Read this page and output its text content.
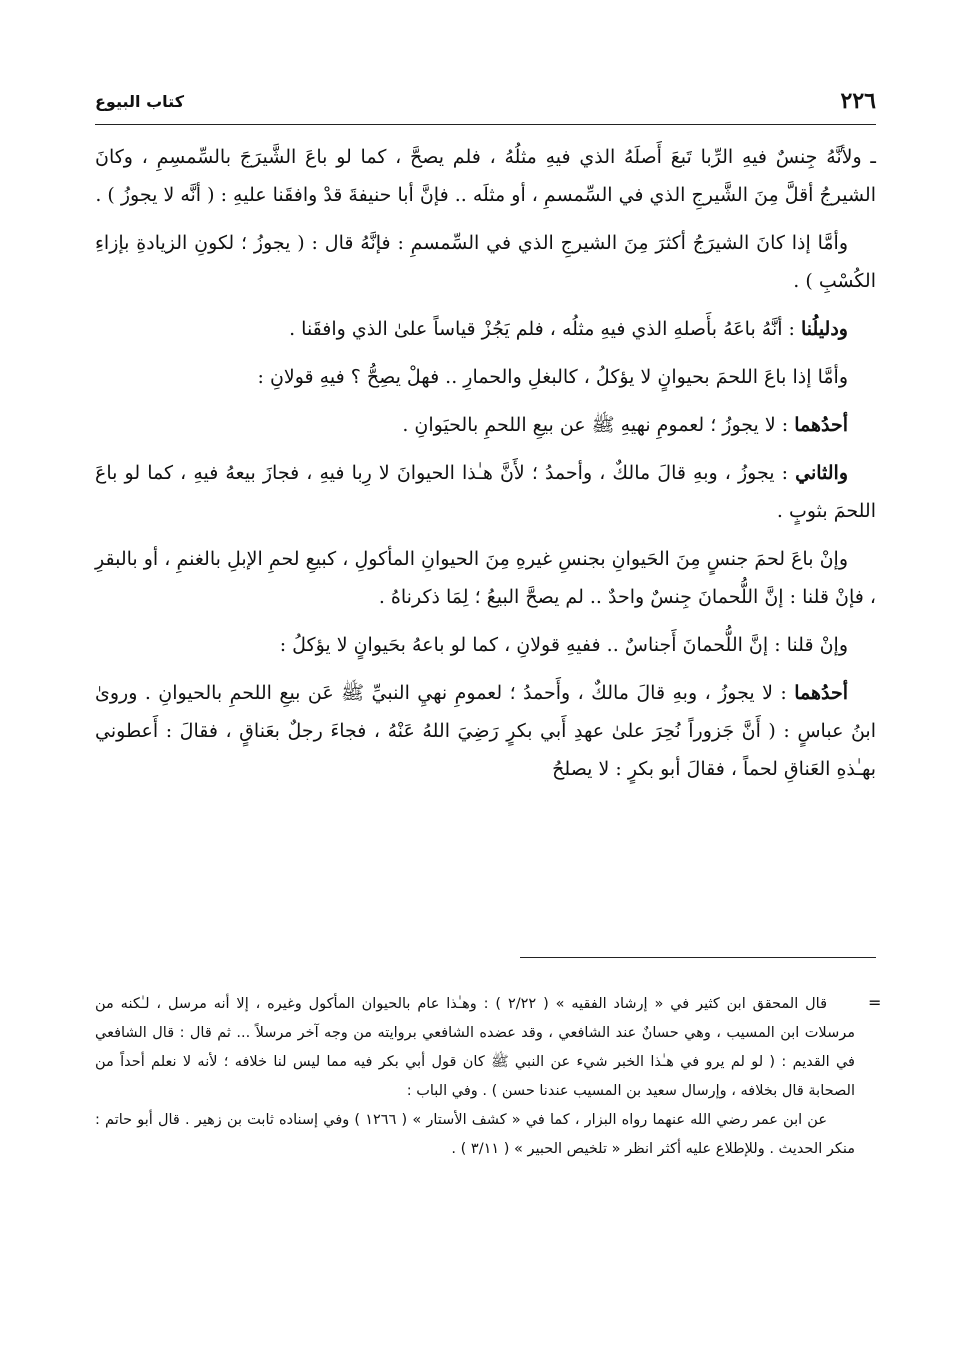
٢٢٦
كتاب البيوع

ـ ولأنَّهُ جِنسٌ فيهِ الرِّبا تَبعَ أَصلَهُ الذي فيهِ مثلُهُ ، فلم يصحَّ ، كما لو باعَ الشَّيرَجَ بالسِّمسِمِ ، وكانَ الشيرجُ أقلَّ مِنَ الشَّيرجِ الذي في السِّمسمِ ، أو مثلَه .. فإنَّ أبا حنيفةَ قدْ وافقَنا عليهِ : ( أنَّه لا يجوزُ ) .

وأمَّا إذا كانَ الشيرَجُ أكثرَ مِنَ الشيرجِ الذي في السِّمسمِ : فإنَّهُ قال : ( يجوزُ ؛ لكونِ الزيادةِ بإزاءِ الكُسْبِ ) .

ودليلُنا : أنَّهُ باعَهُ بأَصلهِ الذي فيهِ مثلُه ، فلم يَجُزْ قياساً علىٰ الذي وافقَنا .

وأمَّا إذا باعَ اللحمَ بحيوانٍ لا يؤكلُ ، كالبغلِ والحمارِ .. فهلْ يصِحُّ ؟ فيهِ قولانِ :

أحدُهما : لا يجوزُ ؛ لعمومِ نهيهِ ﷺ عن بيعِ اللحمِ بالحيَوانِ .

والثاني : يجوزُ ، وبهِ قالَ مالكٌ ، وأحمدُ ؛ لأَنَّ هـٰذا الحيوانَ لا رِبا فيهِ ، فجازَ بيعهُ فيهِ ، كما لو باعَ اللحمَ بثوبٍ .

وإنْ باعَ لحمَ جنسٍ مِنَ الحَيوانِ بجنسِ غيرهِ مِنَ الحيوانِ المأكولِ ، كبيعِ لحمِ الإبلِ بالغنمِ ، أو بالبقرِ ، فإنْ قلنا : إنَّ اللُّحمانَ جِنسٌ واحدٌ .. لم يصحَّ البيعُ ؛ لِمَا ذكرناهُ .

وإنْ قلنا : إنَّ اللُّحمانَ أَجناسٌ .. ففيهِ قولانِ ، كما لو باعهُ بحَيوانٍ لا يؤكلُ :

أحدُهما : لا يجوزُ ، وبهِ قالَ مالكٌ ، وأَحمدُ ؛ لعمومِ نهيِ النبيِّ ﷺ عَن بيعِ اللحمِ بالحيوانِ . وروىٰ ابنُ عباسٍ : ( أَنَّ جَزوراً نُحِرَ علىٰ عهدِ أَبي بكرٍ رَضِيَ اللهُ عَنْهُ ، فجاءَ رجلٌ بعَناقٍ ، فقالَ : أَعطوني بهـٰذهِ العَناقِ لحماً ، فقالَ أبو بكرٍ : لا يصلحُ

=

قال المحقق ابن كثير في « إرشاد الفقيه » ( ٢/٢٢ ) : وهـٰذا عام بالحيوان المأكول وغيره ، إلا أنه مرسل ، لـٰكنه من مرسلات ابن المسيب ، وهي حسانٌ عند الشافعي ، وقد عضده الشافعي بروايته من وجه آخر مرسلاً ... ثم قال : قال الشافعي في القديم : ( لو لم يرو في هـٰذا الخبر شيء عن النبي ﷺ كان قول أبي بكر فيه مما ليس لنا خلافه ؛ لأنه لا نعلم أحداً من الصحابة قال بخلافه ، وإرسال سعيد بن المسيب عندنا حسن ) . وفي الباب :

عن ابن عمر رضي الله عنهما رواه البزار ، كما في « كشف الأستار » ( ١٢٦٦ ) وفي إسناده ثابت بن زهير . قال أبو حاتم : منكر الحديث . وللإطلاع عليه أكثر انظر « تلخيص الحبير » ( ٣/١١ ) .
